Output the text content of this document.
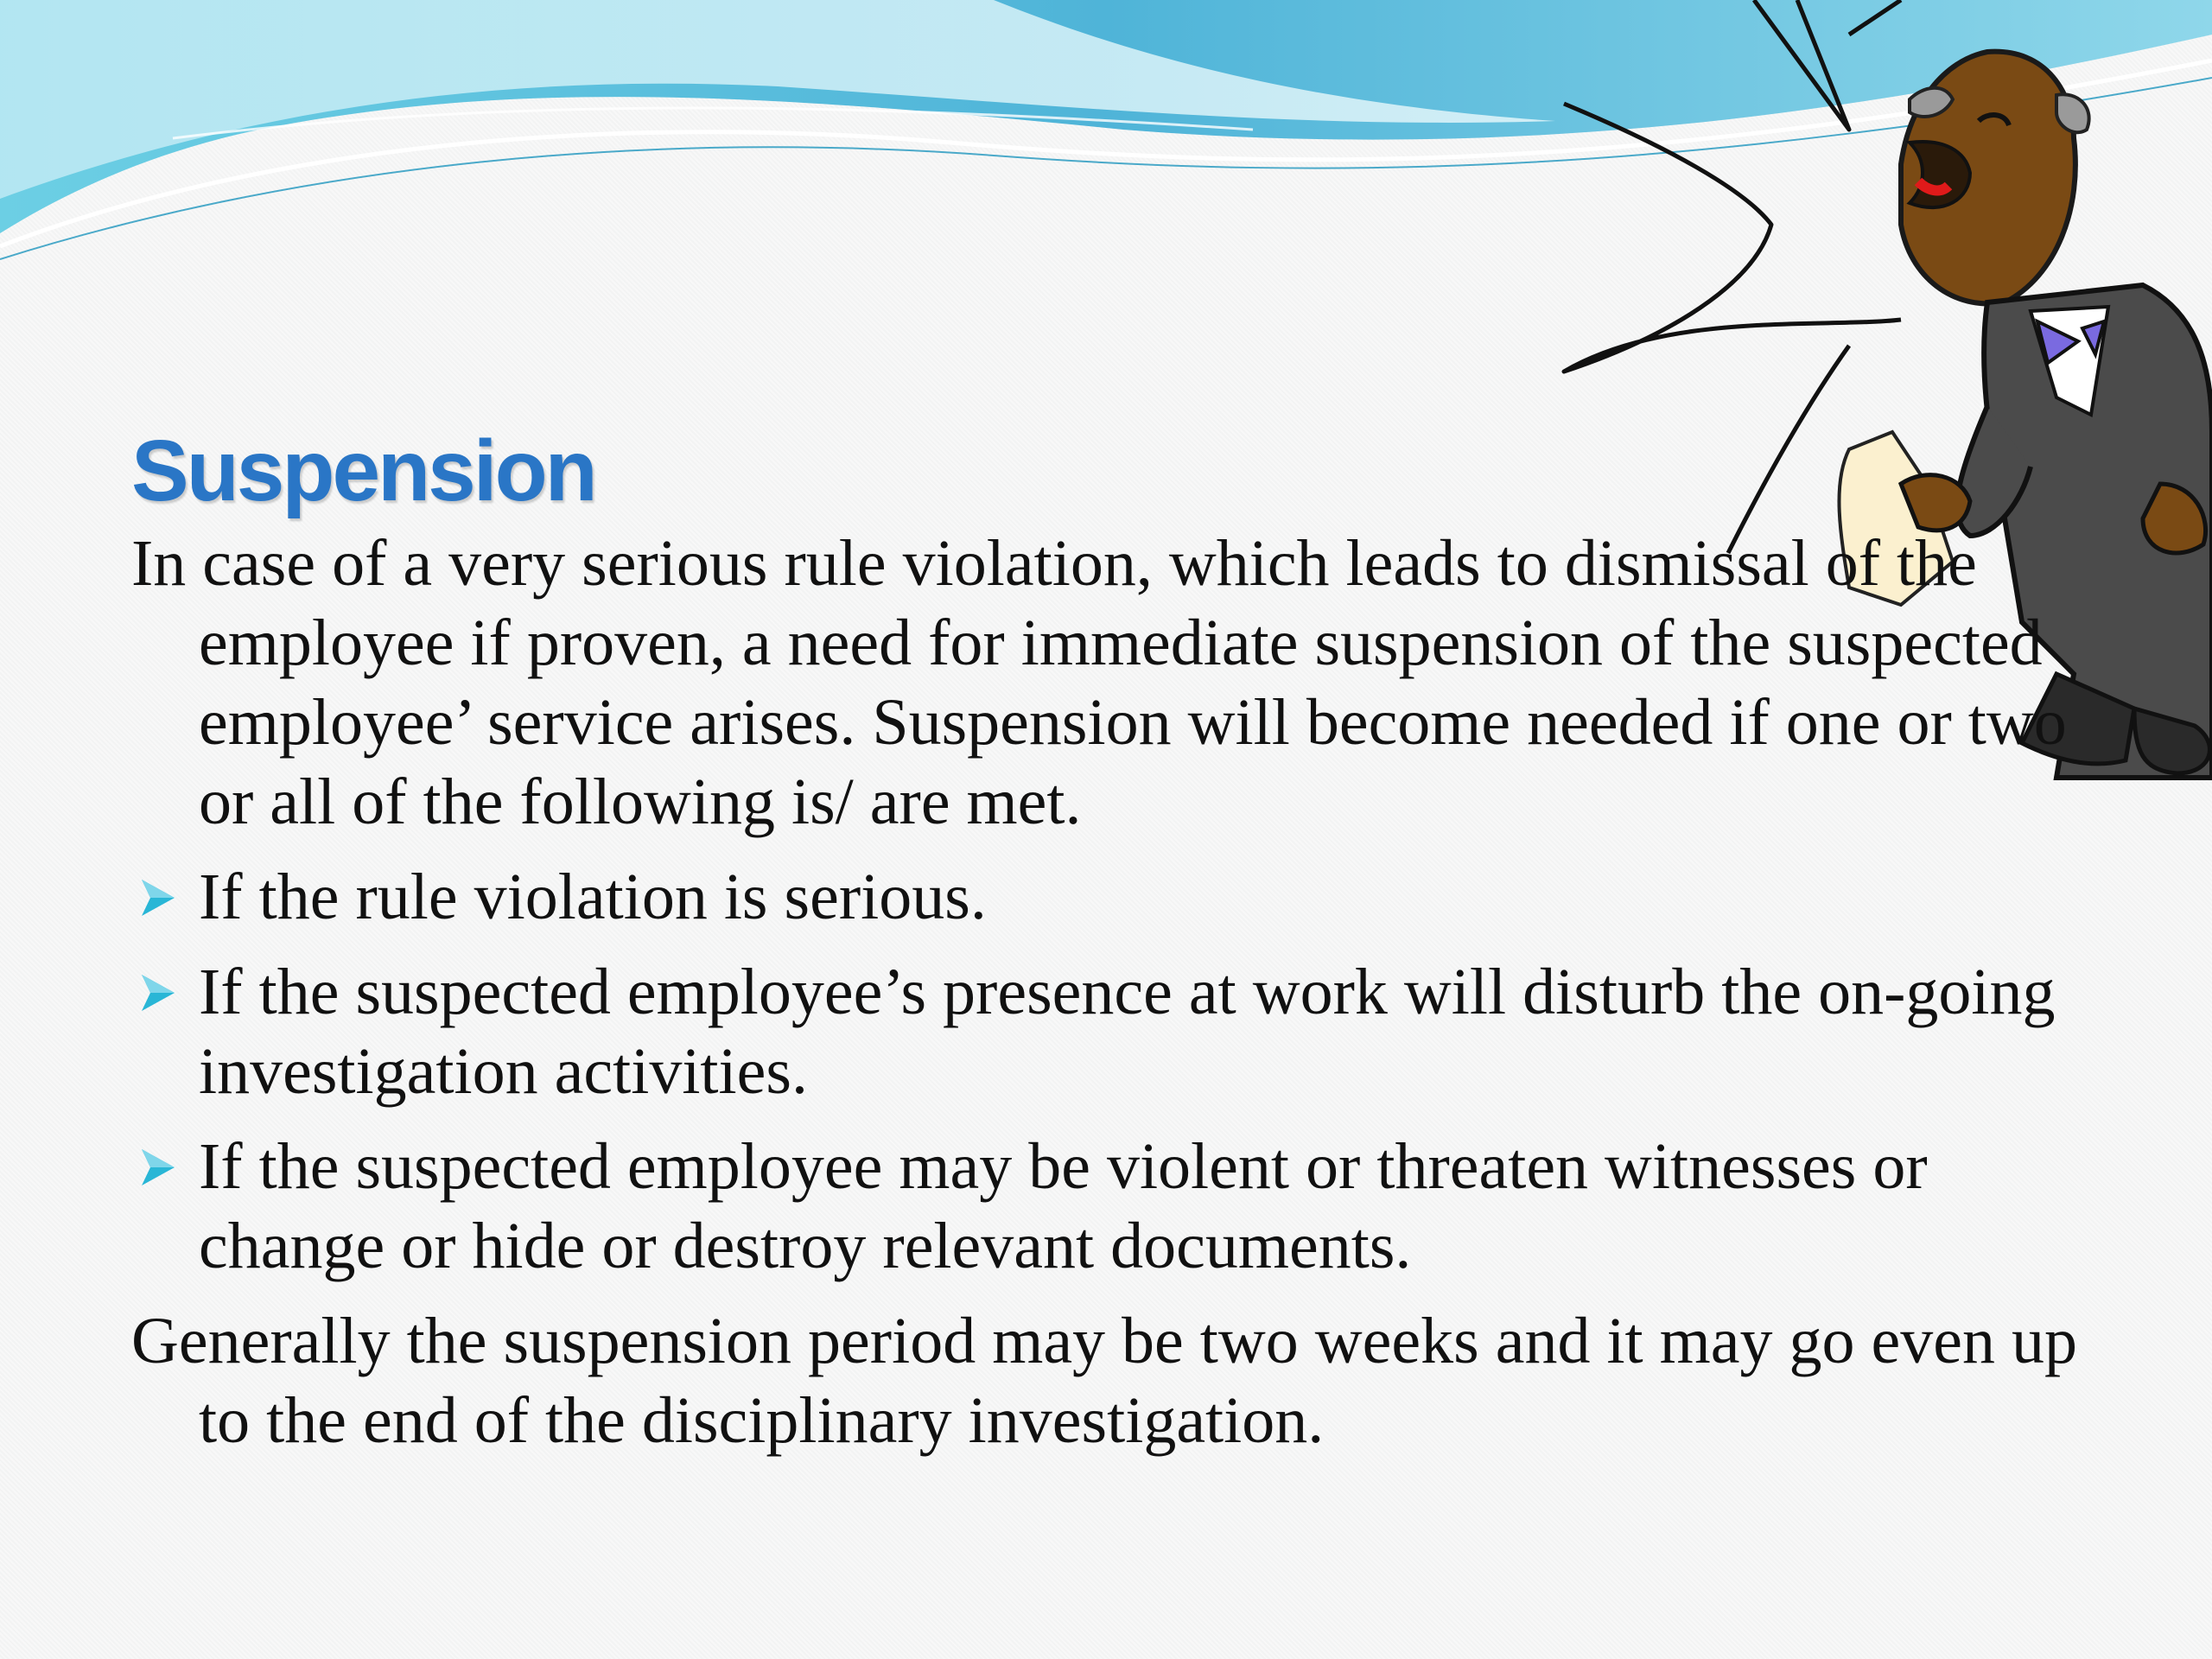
Suspension

In case of a very serious rule violation, which leads to dismissal of the employee if proven, a need for immediate suspension of the suspected employee’ service arises. Suspension will become needed if one or two or all of the following is/ are met.

If the rule violation is serious.
If the suspected employee’s presence at work will disturb the on-going investigation activities.
If the suspected employee may be violent or threaten witnesses or change or hide or destroy relevant documents.

Generally the suspension period may be two weeks and it may go even up to the end of the disciplinary investigation.
